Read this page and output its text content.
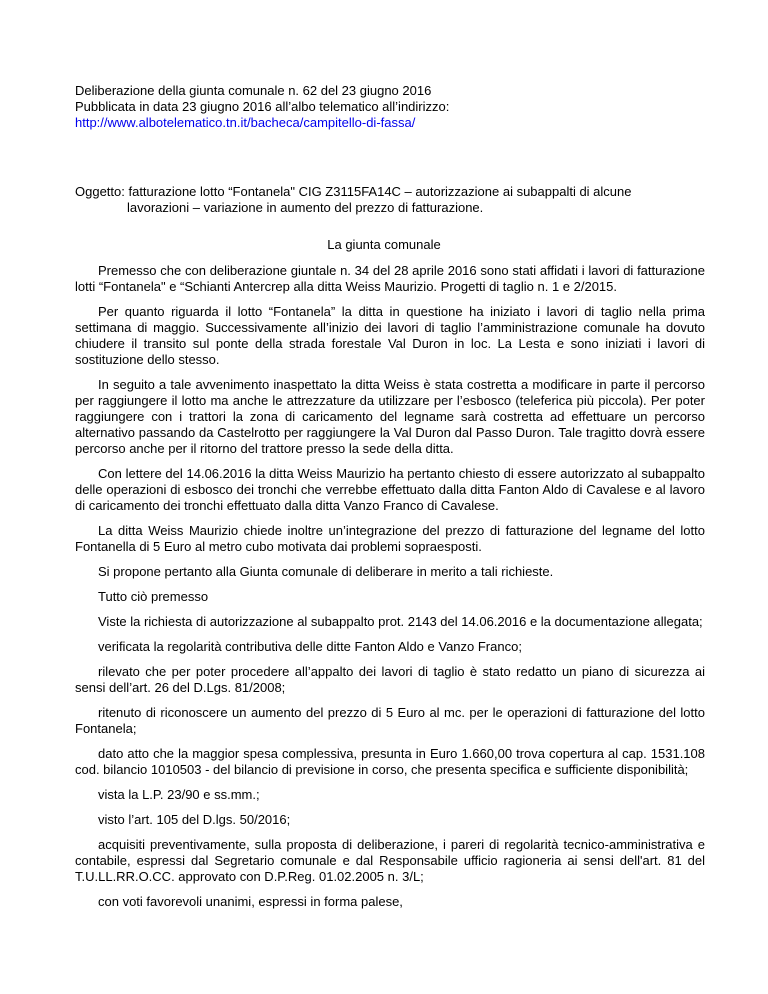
Deliberazione della giunta comunale n. 62 del 23 giugno 2016
Pubblicata in data 23 giugno 2016 all’albo telematico all’indirizzo:
http://www.albotelematico.tn.it/bacheca/campitello-di-fassa/
Oggetto: fatturazione lotto “Fontanela" CIG Z3115FA14C – autorizzazione ai subappalti di alcune
lavorazioni – variazione in aumento del prezzo di fatturazione.
La giunta comunale

Premesso che con deliberazione giuntale n. 34 del 28 aprile 2016 sono stati affidati i lavori di fatturazione lotti “Fontanela" e “Schianti Antercrep alla ditta Weiss Maurizio. Progetti di taglio n. 1 e 2/2015.

Per quanto riguarda il lotto “Fontanela” la ditta in questione ha iniziato i lavori di taglio nella prima settimana di maggio. Successivamente all’inizio dei lavori di taglio l’amministrazione comunale ha dovuto chiudere il transito sul ponte della strada forestale Val Duron in loc. La Lesta e sono iniziati i lavori di sostituzione dello stesso.

In seguito a tale avvenimento inaspettato la ditta Weiss è stata costretta a modificare in parte il percorso per raggiungere il lotto ma anche le attrezzature da utilizzare per l’esbosco (teleferica più piccola). Per poter raggiungere con i trattori la zona di caricamento del legname sarà costretta ad effettuare un percorso alternativo passando da Castelrotto per raggiungere la Val Duron dal Passo Duron. Tale tragitto dovrà essere percorso anche per il ritorno del trattore presso la sede della ditta.

Con lettere del 14.06.2016 la ditta Weiss Maurizio ha pertanto chiesto di essere autorizzato al subappalto delle operazioni di esbosco dei tronchi che verrebbe effettuato dalla ditta Fanton Aldo di Cavalese e al lavoro di caricamento dei tronchi effettuato dalla ditta Vanzo Franco di Cavalese.

La ditta Weiss Maurizio chiede inoltre un’integrazione del prezzo di fatturazione del legname del lotto Fontanella di 5 Euro al metro cubo motivata dai problemi sopraesposti.

Si propone pertanto alla Giunta comunale di deliberare in merito a tali richieste.

Tutto ciò premesso

Viste la richiesta di autorizzazione al subappalto prot. 2143 del 14.06.2016 e la documentazione allegata;

verificata la regolarità contributiva delle ditte Fanton Aldo e Vanzo Franco;

rilevato che per poter procedere all’appalto dei lavori di taglio è stato redatto un piano di sicurezza ai sensi dell’art. 26 del D.Lgs. 81/2008;

ritenuto di riconoscere un aumento del prezzo di 5 Euro al mc. per le operazioni di fatturazione del lotto Fontanela;

dato atto che la maggior spesa complessiva, presunta in Euro 1.660,00 trova copertura al cap. 1531.108 cod. bilancio 1010503 - del bilancio di previsione in corso, che presenta specifica e sufficiente disponibilità;

vista la L.P. 23/90 e ss.mm.;

visto l’art. 105 del D.lgs. 50/2016;

acquisiti preventivamente, sulla proposta di deliberazione, i pareri di regolarità tecnico-amministrativa e contabile, espressi dal Segretario comunale e dal Responsabile ufficio ragioneria ai sensi dell'art. 81 del T.U.LL.RR.O.CC. approvato con D.P.Reg. 01.02.2005 n. 3/L;

con voti favorevoli unanimi, espressi in forma palese,
